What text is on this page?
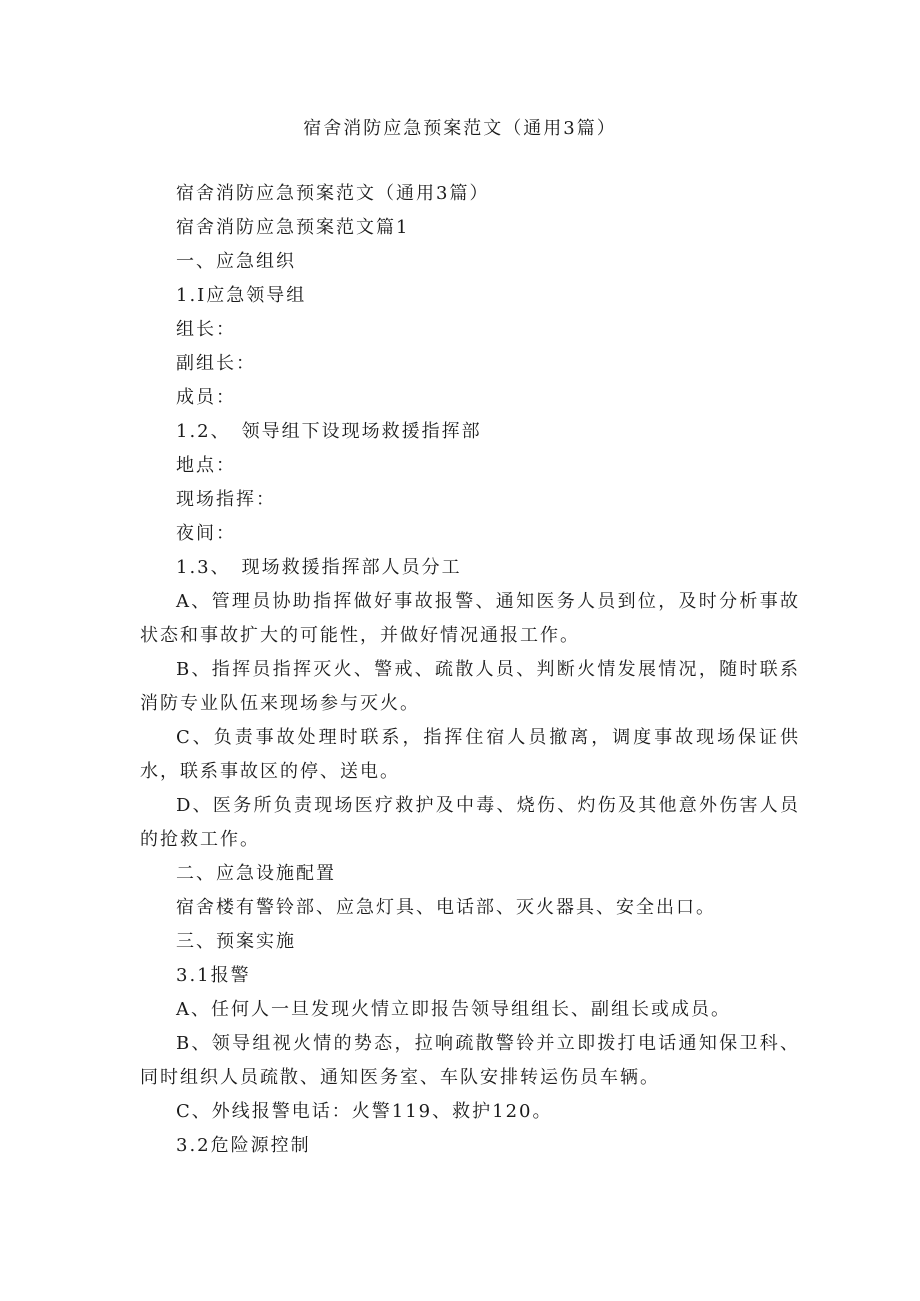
宿舍消防应急预案范文（通用3篇）

宿舍消防应急预案范文（通用3篇）

宿舍消防应急预案范文篇1

一、应急组织

1.I应急领导组

组长：

副组长：

成员：

1.2、　领导组下设现场救援指挥部

地点：

现场指挥：

夜间：

1.3、　现场救援指挥部人员分工

A、管理员协助指挥做好事故报警、通知医务人员到位，及时分析事故状态和事故扩大的可能性，并做好情况通报工作。

B、指挥员指挥灭火、警戒、疏散人员、判断火情发展情况，随时联系消防专业队伍来现场参与灭火。

C、负责事故处理时联系，指挥住宿人员撤离，调度事故现场保证供水，联系事故区的停、送电。

D、医务所负责现场医疗救护及中毒、烧伤、灼伤及其他意外伤害人员的抢救工作。

二、应急设施配置

宿舍楼有警铃部、应急灯具、电话部、灭火器具、安全出口。

三、预案实施

3.1报警

A、任何人一旦发现火情立即报告领导组组长、副组长或成员。

B、领导组视火情的势态，拉响疏散警铃并立即拨打电话通知保卫科、同时组织人员疏散、通知医务室、车队安排转运伤员车辆。

C、外线报警电话：火警119、救护120。

3.2危险源控制
